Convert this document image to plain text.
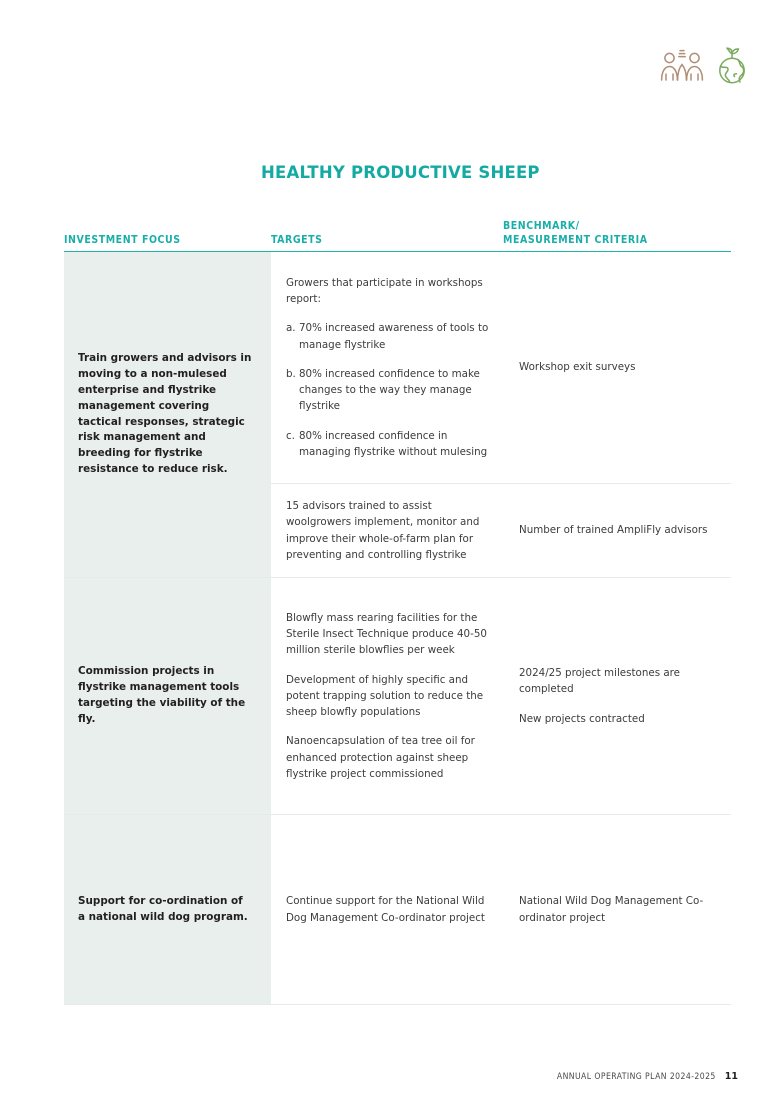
HEALTHY PRODUCTIVE SHEEP
INVESTMENT FOCUS	TARGETS
BENCHMARK/
MEASUREMENT CRITERIA
Train growers and advisors in moving to a non-mulesed enterprise and flystrike management covering tactical responses, strategic risk management and breeding for flystrike resistance to reduce risk.
Growers that participate in workshops report:
a. 70% increased awareness of tools to manage flystrike
b. 80% increased confidence to make changes to the way they manage flystrike
c. 80% increased confidence in managing flystrike without mulesing
Workshop exit surveys
15 advisors trained to assist woolgrowers implement, monitor and improve their whole-of-farm plan for preventing and controlling flystrike
Number of trained AmpliFly advisors
Commission projects in flystrike management tools targeting the viability of the fly.
Blowfly mass rearing facilities for the Sterile Insect Technique produce 40-50 million sterile blowflies per week
Development of highly specific and potent trapping solution to reduce the sheep blowfly populations
Nanoencapsulation of tea tree oil for enhanced protection against sheep flystrike project commissioned
2024/25 project milestones are completed
New projects contracted
Support for co-ordination of a national wild dog program.
Continue support for the National Wild Dog Management Co-ordinator project
National Wild Dog Management Co-ordinator project
ANNUAL OPERATING PLAN 2024-2025 11
